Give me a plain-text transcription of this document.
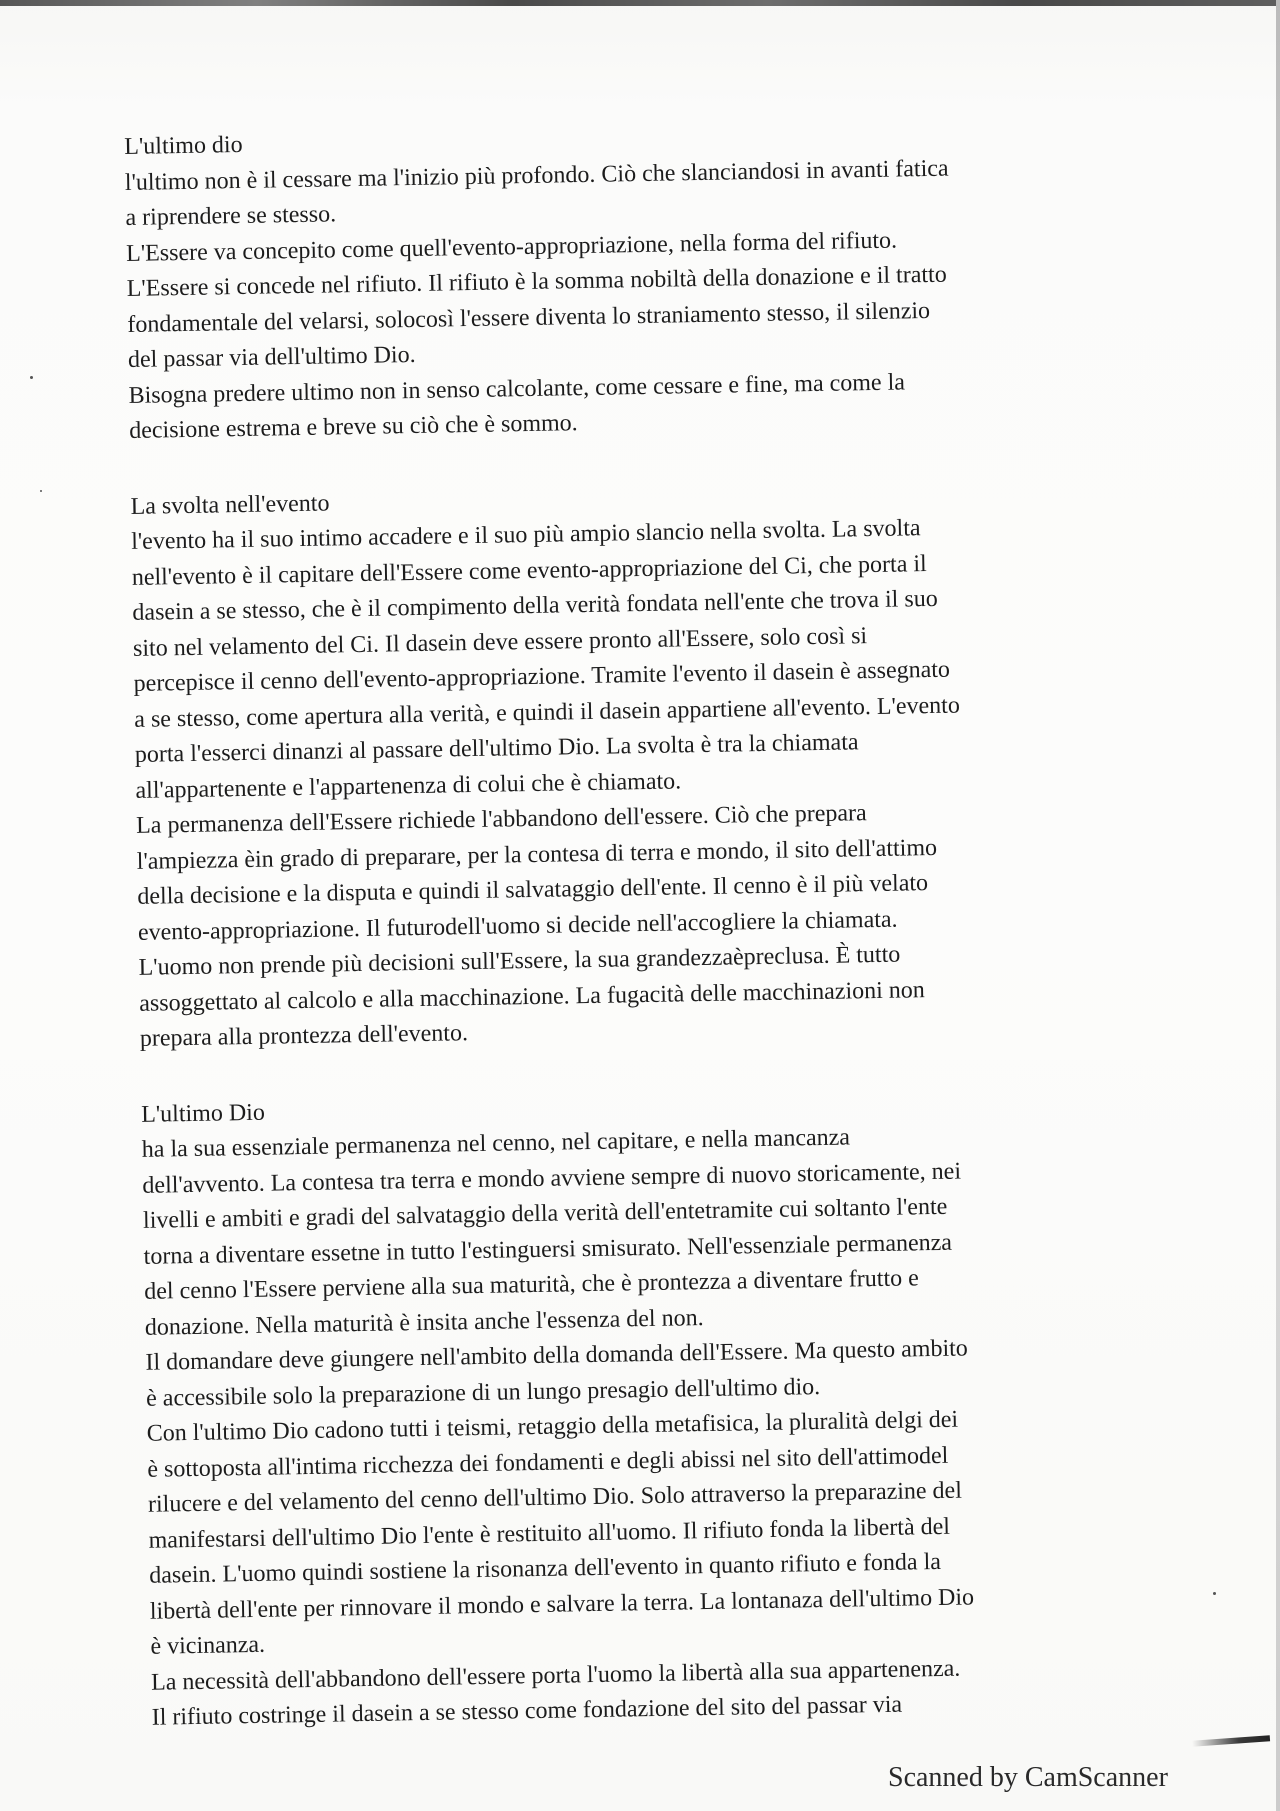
L'ultimo dio

l'ultimo non è il cessare ma l'inizio più profondo. Ciò che slanciandosi in avanti fatica
a riprendere se stesso.

L'Essere va concepito come quell'evento-appropriazione, nella forma del rifiuto.

L'Essere si concede nel rifiuto. Il rifiuto è la somma nobiltà della donazione e il tratto
fondamentale del velarsi, solocosì l'essere diventa lo straniamento stesso, il silenzio
del passar via dell'ultimo Dio.

Bisogna predere ultimo non in senso calcolante, come cessare e fine, ma come la
decisione estrema e breve su ciò che è sommo.

La svolta nell'evento

l'evento ha il suo intimo accadere e il suo più ampio slancio nella svolta. La svolta
nell'evento è il capitare dell'Essere come evento-appropriazione del Ci, che porta il
dasein a se stesso, che è il compimento della verità fondata nell'ente che trova il suo
sito nel velamento del Ci. Il dasein deve essere pronto all'Essere, solo così si
percepisce il cenno dell'evento-appropriazione. Tramite l'evento il dasein è assegnato
a se stesso, come apertura alla verità, e quindi il dasein appartiene all'evento. L'evento
porta l'esserci dinanzi al passare dell'ultimo Dio. La svolta è tra la chiamata
all'appartenente e l'appartenenza di colui che è chiamato.

La permanenza dell'Essere richiede l'abbandono dell'essere. Ciò che prepara
l'ampiezza èin grado di preparare, per la contesa di terra e mondo, il sito dell'attimo
della decisione e la disputa e quindi il salvataggio dell'ente. Il cenno è il più velato
evento-appropriazione. Il futurodell'uomo si decide nell'accogliere la chiamata.

L'uomo non prende più decisioni sull'Essere, la sua grandezzaèpreclusa. È tutto
assoggettato al calcolo e alla macchinazione. La fugacità delle macchinazioni non
prepara alla prontezza dell'evento.

L'ultimo Dio

ha la sua essenziale permanenza nel cenno, nel capitare, e nella mancanza
dell'avvento. La contesa tra terra e mondo avviene sempre di nuovo storicamente, nei
livelli e ambiti e gradi del salvataggio della verità dell'entetramite cui soltanto l'ente
torna a diventare essetne in tutto l'estinguersi smisurato. Nell'essenziale permanenza
del cenno l'Essere perviene alla sua maturità, che è prontezza a diventare frutto e
donazione. Nella maturità è insita anche l'essenza del non.

Il domandare deve giungere nell'ambito della domanda dell'Essere. Ma questo ambito
è accessibile solo la preparazione di un lungo presagio dell'ultimo dio.

Con l'ultimo Dio cadono tutti i teismi, retaggio della metafisica, la pluralità delgi dei
è sottoposta all'intima ricchezza dei fondamenti e degli abissi nel sito dell'attimodel
rilucere e del velamento del cenno dell'ultimo Dio. Solo attraverso la preparazine del
manifestarsi dell'ultimo Dio l'ente è restituito all'uomo. Il rifiuto fonda la libertà del
dasein. L'uomo quindi sostiene la risonanza dell'evento in quanto rifiuto e fonda la
libertà dell'ente per rinnovare il mondo e salvare la terra. La lontanaza dell'ultimo Dio
è vicinanza.

La necessità dell'abbandono dell'essere porta l'uomo la libertà alla sua appartenenza.
Il rifiuto costringe il dasein a se stesso come fondazione del sito del passar via

Scanned by CamScanner
